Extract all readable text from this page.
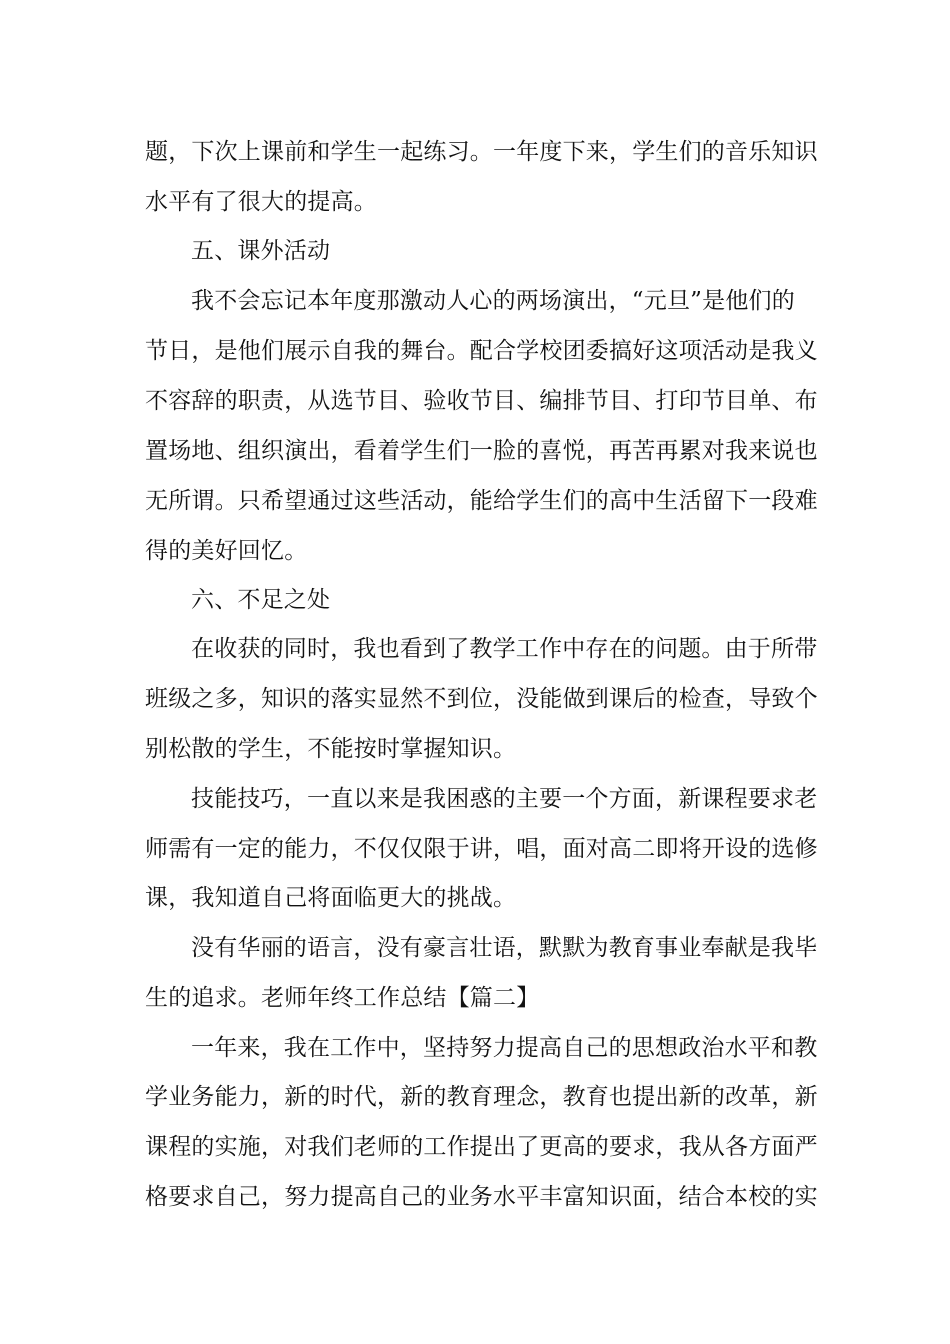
题，下次上课前和学生一起练习。一年度下来，学生们的音乐知识
水平有了很大的提高。
五、课外活动
我不会忘记本年度那激动人心的两场演出，“元旦”是他们的
节日，是他们展示自我的舞台。配合学校团委搞好这项活动是我义
不容辞的职责，从选节目、验收节目、编排节目、打印节目单、布
置场地、组织演出，看着学生们一脸的喜悦，再苦再累对我来说也
无所谓。只希望通过这些活动，能给学生们的高中生活留下一段难
得的美好回忆。
六、不足之处
在收获的同时，我也看到了教学工作中存在的问题。由于所带
班级之多，知识的落实显然不到位，没能做到课后的检查，导致个
别松散的学生，不能按时掌握知识。
技能技巧，一直以来是我困惑的主要一个方面，新课程要求老
师需有一定的能力，不仅仅限于讲，唱，面对高二即将开设的选修
课，我知道自己将面临更大的挑战。
没有华丽的语言，没有豪言壮语，默默为教育事业奉献是我毕
生的追求。老师年终工作总结【篇二】
一年来，我在工作中，坚持努力提高自己的思想政治水平和教
学业务能力，新的时代，新的教育理念，教育也提出新的改革，新
课程的实施，对我们老师的工作提出了更高的要求，我从各方面严
格要求自己，努力提高自己的业务水平丰富知识面，结合本校的实
